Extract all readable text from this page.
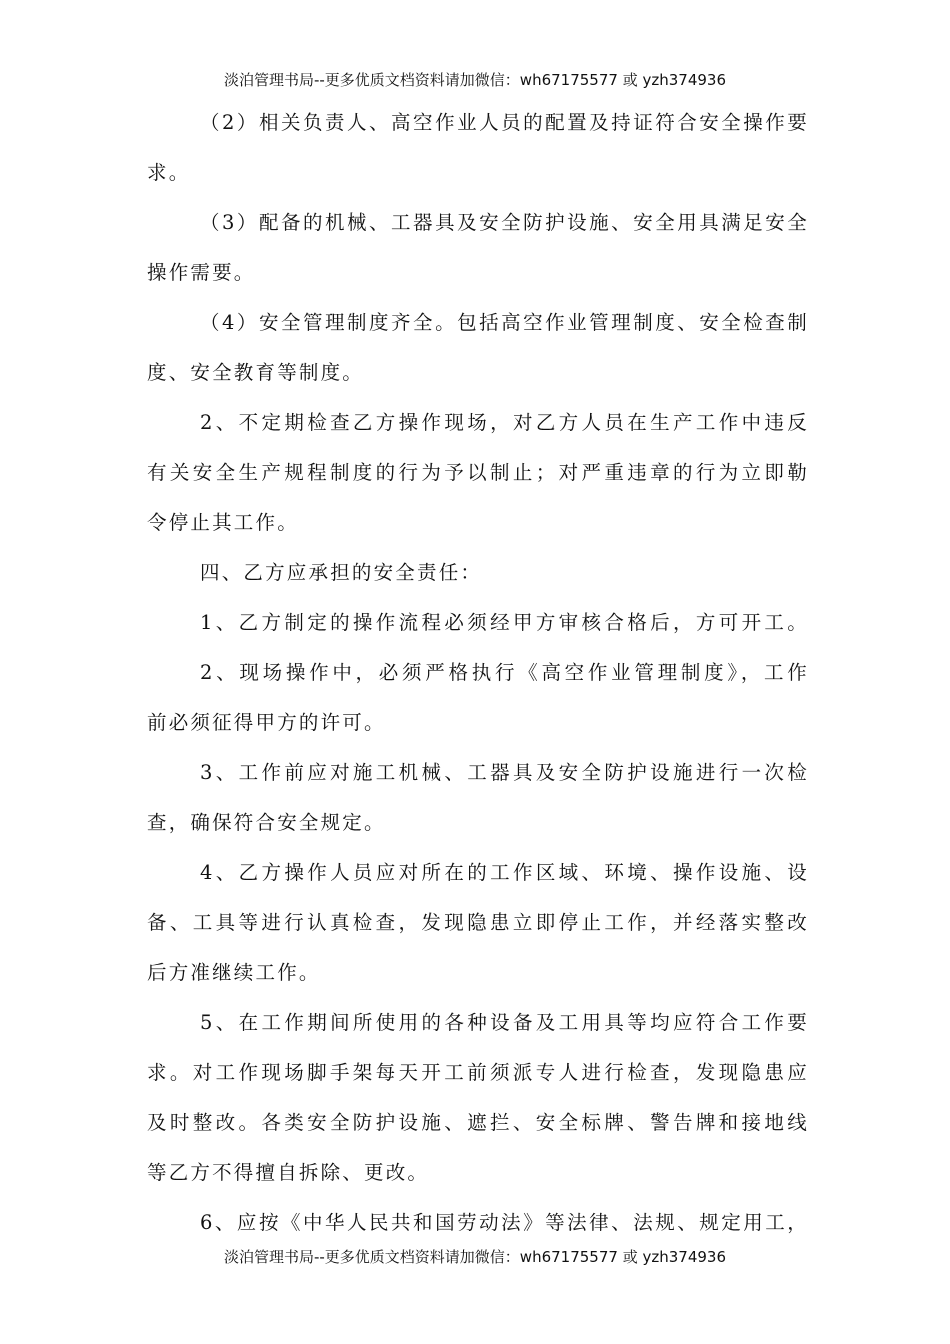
淡泊管理书局--更多优质文档资料请加微信：wh67175577 或 yzh374936
（2）相关负责人、高空作业人员的配置及持证符合安全操作要
求。
（3）配备的机械、工器具及安全防护设施、安全用具满足安全
操作需要。
（4）安全管理制度齐全。包括高空作业管理制度、安全检查制
度、安全教育等制度。
2、不定期检查乙方操作现场，对乙方人员在生产工作中违反
有关安全生产规程制度的行为予以制止；对严重违章的行为立即勒
令停止其工作。
四、乙方应承担的安全责任：
1、乙方制定的操作流程必须经甲方审核合格后，方可开工。
2、现场操作中，必须严格执行《高空作业管理制度》，工作
前必须征得甲方的许可。
3、工作前应对施工机械、工器具及安全防护设施进行一次检
查，确保符合安全规定。
4、乙方操作人员应对所在的工作区域、环境、操作设施、设
备、工具等进行认真检查，发现隐患立即停止工作，并经落实整改
后方准继续工作。
5、在工作期间所使用的各种设备及工用具等均应符合工作要
求。对工作现场脚手架每天开工前须派专人进行检查，发现隐患应
及时整改。各类安全防护设施、遮拦、安全标牌、警告牌和接地线
等乙方不得擅自拆除、更改。
6、应按《中华人民共和国劳动法》等法律、法规、规定用工，
淡泊管理书局--更多优质文档资料请加微信：wh67175577 或 yzh374936
